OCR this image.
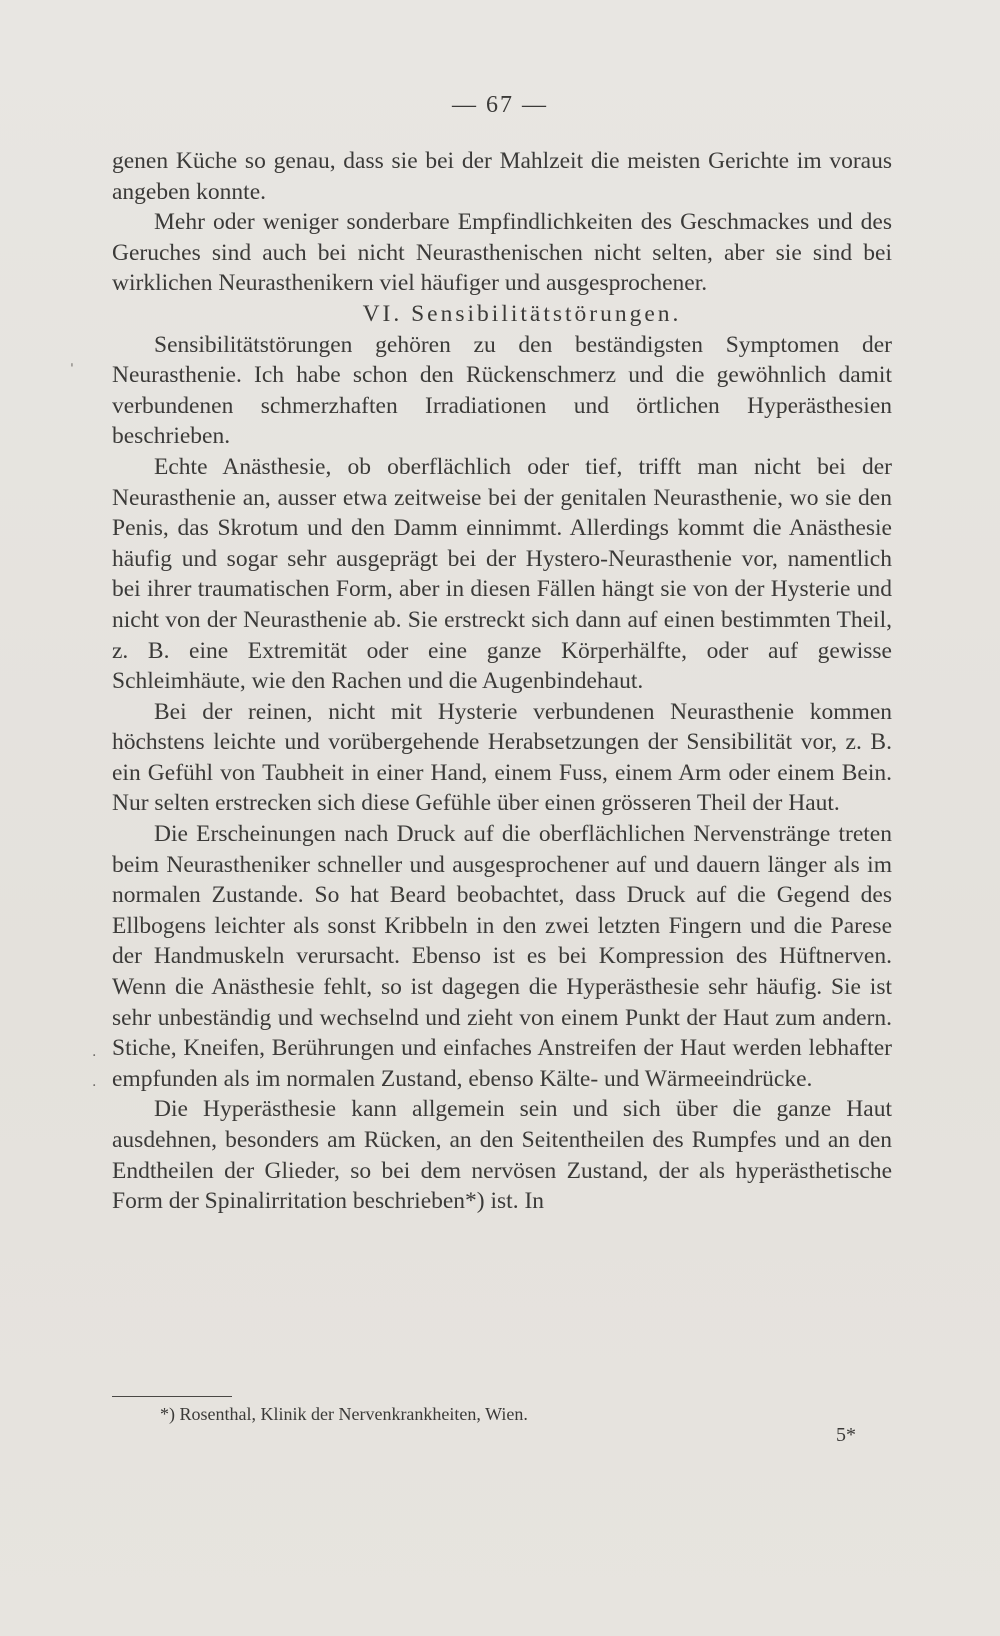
— 67 —

genen Küche so genau, dass sie bei der Mahlzeit die meisten Gerichte im voraus angeben konnte.

Mehr oder weniger sonderbare Empfindlichkeiten des Geschmackes und des Geruches sind auch bei nicht Neurasthenischen nicht selten, aber sie sind bei wirklichen Neurasthenikern viel häufiger und ausgesprochener.

VI. Sensibilitätstörungen.

Sensibilitätstörungen gehören zu den beständigsten Symptomen der Neurasthenie. Ich habe schon den Rückenschmerz und die gewöhnlich damit verbundenen schmerzhaften Irradiationen und örtlichen Hyperästhesien beschrieben.

Echte Anästhesie, ob oberflächlich oder tief, trifft man nicht bei der Neurasthenie an, ausser etwa zeitweise bei der genitalen Neurasthenie, wo sie den Penis, das Skrotum und den Damm einnimmt. Allerdings kommt die Anästhesie häufig und sogar sehr ausgeprägt bei der Hystero-Neurasthenie vor, namentlich bei ihrer traumatischen Form, aber in diesen Fällen hängt sie von der Hysterie und nicht von der Neurasthenie ab. Sie erstreckt sich dann auf einen bestimmten Theil, z. B. eine Extremität oder eine ganze Körperhälfte, oder auf gewisse Schleimhäute, wie den Rachen und die Augenbindehaut.

Bei der reinen, nicht mit Hysterie verbundenen Neurasthenie kommen höchstens leichte und vorübergehende Herabsetzungen der Sensibilität vor, z. B. ein Gefühl von Taubheit in einer Hand, einem Fuss, einem Arm oder einem Bein. Nur selten erstrecken sich diese Gefühle über einen grösseren Theil der Haut.

Die Erscheinungen nach Druck auf die oberflächlichen Nervenstränge treten beim Neurastheniker schneller und ausgesprochener auf und dauern länger als im normalen Zustande. So hat Beard beobachtet, dass Druck auf die Gegend des Ellbogens leichter als sonst Kribbeln in den zwei letzten Fingern und die Parese der Handmuskeln verursacht. Ebenso ist es bei Kompression des Hüftnerven. Wenn die Anästhesie fehlt, so ist dagegen die Hyperästhesie sehr häufig. Sie ist sehr unbeständig und wechselnd und zieht von einem Punkt der Haut zum andern. Stiche, Kneifen, Berührungen und einfaches Anstreifen der Haut werden lebhafter empfunden als im normalen Zustand, ebenso Kälte- und Wärmeeindrücke.

Die Hyperästhesie kann allgemein sein und sich über die ganze Haut ausdehnen, besonders am Rücken, an den Seitentheilen des Rumpfes und an den Endtheilen der Glieder, so bei dem nervösen Zustand, der als hyperästhetische Form der Spinalirritation beschrieben*) ist. In

*) Rosenthal, Klinik der Nervenkrankheiten, Wien.
5*
ˈ
·
·
